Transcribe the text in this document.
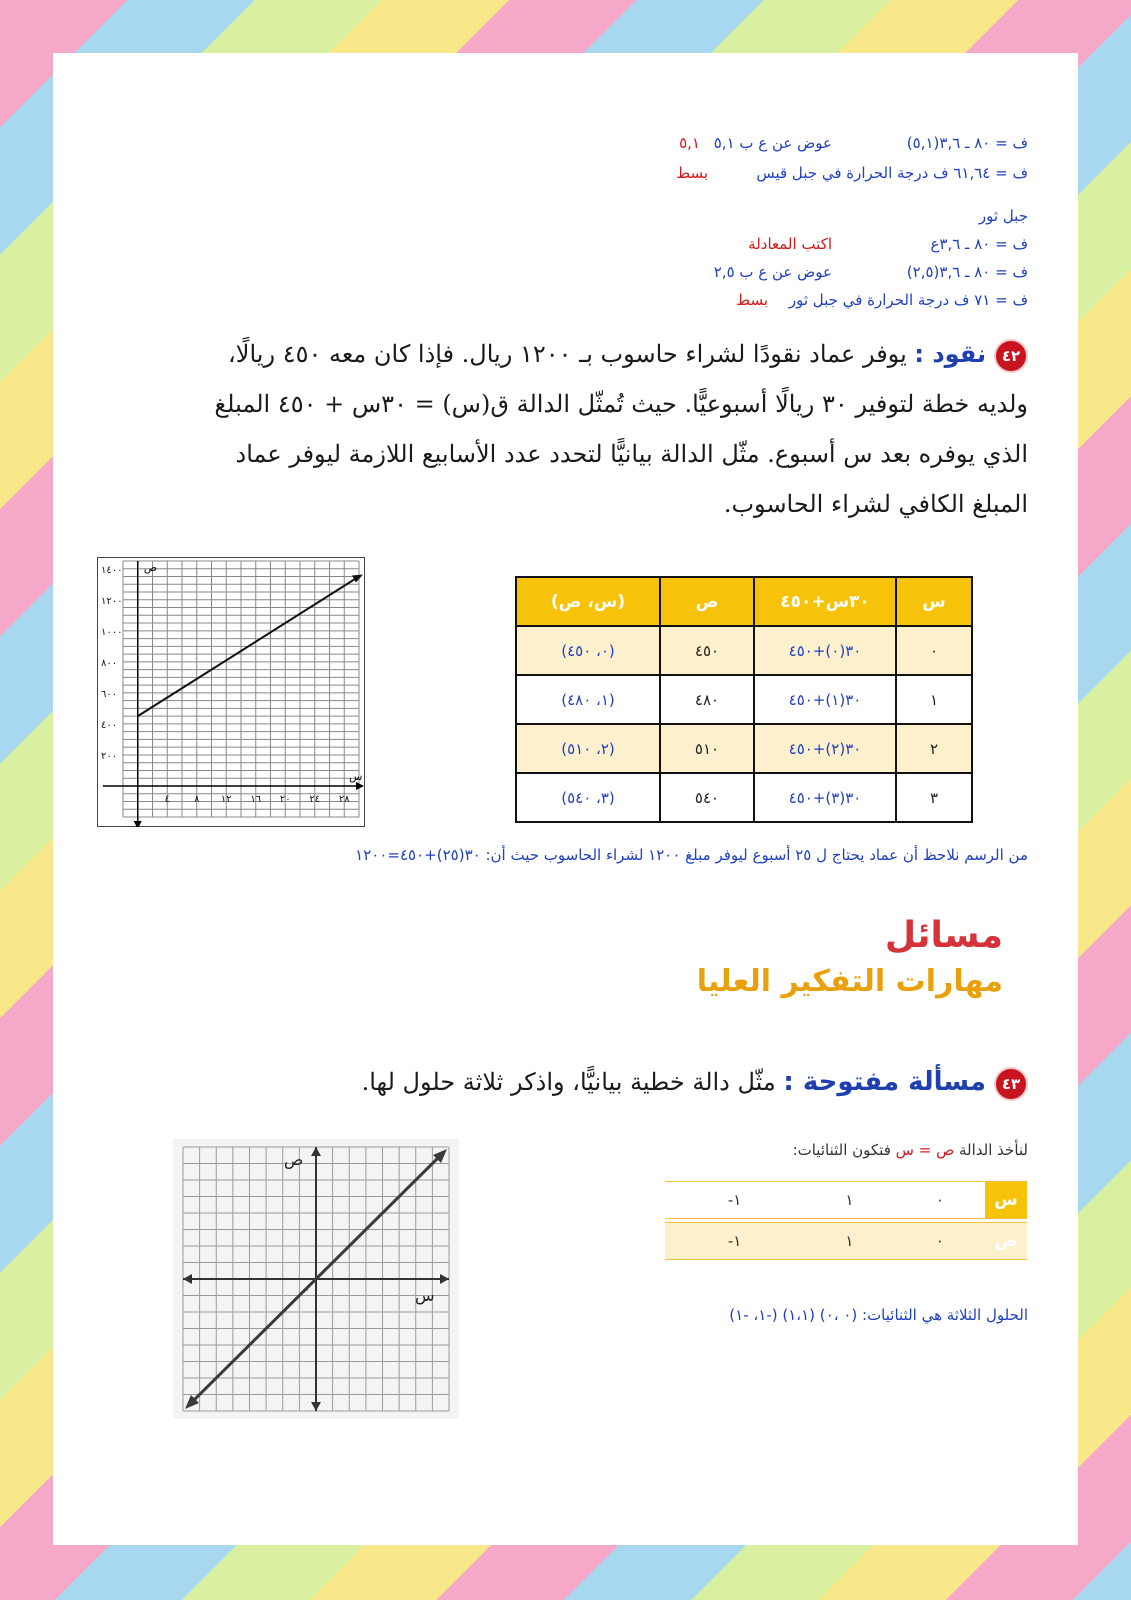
ف = ٨٠ ـ ٣,٦(٥,١)
عوض عن ع ب ٥,١
٥,١
ف = ٦١,٦٤ ف درجة الحرارة في جبل قيس
بسط
جبل ثور
ف = ٨٠ ـ ٣,٦ع
اكتب المعادلة
ف = ٨٠ ـ ٣,٦(٢,٥)
عوض عن ع ب ٢,٥
ف = ٧١ ف درجة الحرارة في جبل ثور
بسط
٤٢نقود : يوفر عماد نقودًا لشراء حاسوب بـ ١٢٠٠ ريال. فإذا كان معه ٤٥٠ ريالًا، ولديه خطة لتوفير ٣٠ ريالًا أسبوعيًّا. حيث تُمثّل الدالة ق(س) = ٣٠س + ٤٥٠ المبلغ الذي يوفره بعد س أسبوع. مثّل الدالة بيانيًّا لتحدد عدد الأسابيع اللازمة ليوفر عماد المبلغ الكافي لشراء الحاسوب.
٢٠٠
٤٠٠
٦٠٠
٨٠٠
١٠٠٠
١٢٠٠
١٤٠٠
٠ ٤ ٨ ١٢ ١٦ ٢٠ ٢٤ ٢٨
ص
س
س	٣٠س+٤٥٠	ص	(س، ص)
٠	٣٠(٠)+٤٥٠	٤٥٠	(٠، ٤٥٠)
١	٣٠(١)+٤٥٠	٤٨٠	(١، ٤٨٠)
٢	٣٠(٢)+٤٥٠	٥١٠	(٢، ٥١٠)
٣	٣٠(٣)+٤٥٠	٥٤٠	(٣، ٥٤٠)
من الرسم نلاحظ أن عماد يحتاج ل ٢٥ أسبوع ليوفر مبلغ ١٢٠٠ لشراء الحاسوب حيث أن: ٣٠(٢٥)+٤٥٠=١٢٠٠
مسائل
مهارات التفكير العليا
٤٣مسألة مفتوحة : مثّل دالة خطية بيانيًّا، واذكر ثلاثة حلول لها.
لنأخذ الدالة ص = س فتكون الثنائيات:
س	٠	١	١-
ص	٠	١	١-
الحلول الثلاثة هي الثنائيات: (٠ ،٠) (١،١) (-١، -١)
ص
س
٠
